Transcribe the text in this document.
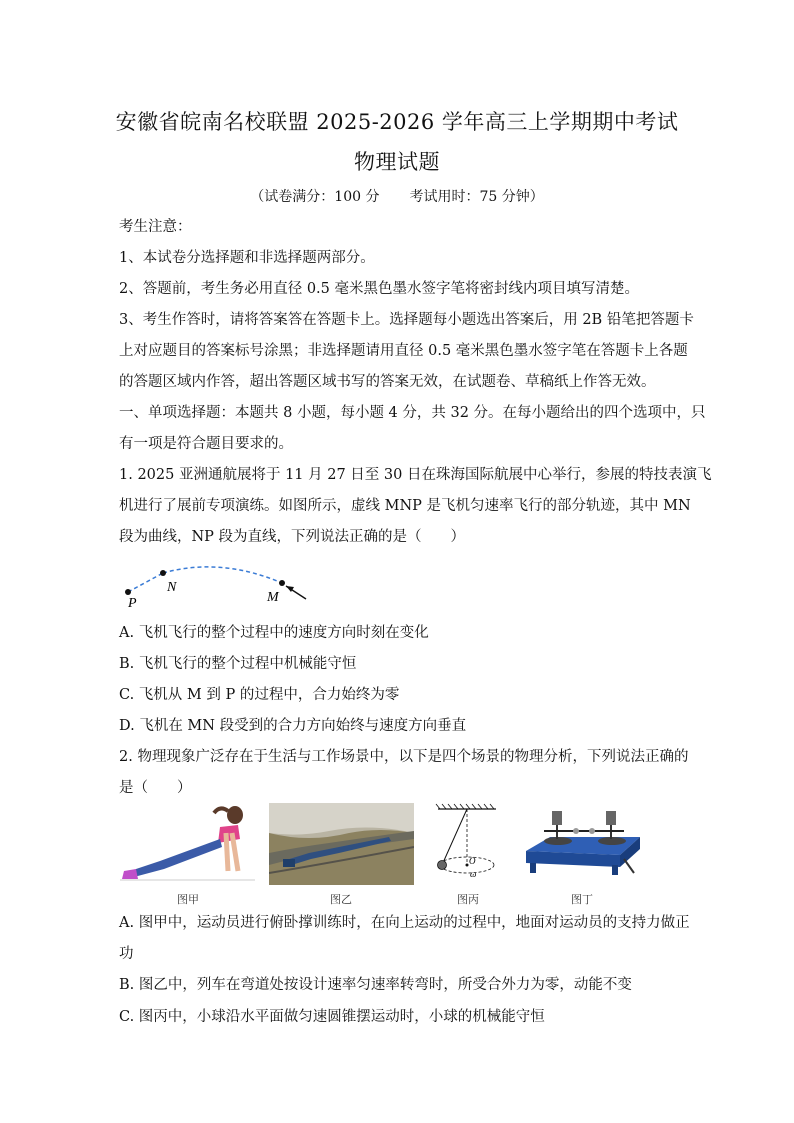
安徽省皖南名校联盟 2025-2026 学年高三上学期期中考试
物理试题
（试卷满分：100 分 考试用时：75 分钟）
考生注意：
1、本试卷分选择题和非选择题两部分。
2、答题前，考生务必用直径 0.5 毫米黑色墨水签字笔将密封线内项目填写清楚。
3、考生作答时，请将答案答在答题卡上。选择题每小题选出答案后，用 2B 铅笔把答题卡
上对应题目的答案标号涂黑；非选择题请用直径 0.5 毫米黑色墨水签字笔在答题卡上各题
的答题区域内作答，超出答题区域书写的答案无效，在试题卷、草稿纸上作答无效。
一、单项选择题：本题共 8 小题，每小题 4 分，共 32 分。在每小题给出的四个选项中，只
有一项是符合题目要求的。
1. 2025 亚洲通航展将于 11 月 27 日至 30 日在珠海国际航展中心举行，参展的特技表演飞
机进行了展前专项演练。如图所示，虚线 MNP 是飞机匀速率飞行的部分轨迹，其中 MN
段为曲线，NP 段为直线，下列说法正确的是（　　）
P
N
M
A. 飞机飞行的整个过程中的速度方向时刻在变化
B. 飞机飞行的整个过程中机械能守恒
C. 飞机从 M 到 P 的过程中，合力始终为零
D. 飞机在 MN 段受到的合力方向始终与速度方向垂直
2. 物理现象广泛存在于生活与工作场景中，以下是四个场景的物理分析，下列说法正确的
是（　　）
O
ω
图甲	图乙	图丙	图丁
A. 图甲中，运动员进行俯卧撑训练时，在向上运动的过程中，地面对运动员的支持力做正
功
B. 图乙中，列车在弯道处按设计速率匀速率转弯时，所受合外力为零，动能不变
C. 图丙中，小球沿水平面做匀速圆锥摆运动时，小球的机械能守恒
